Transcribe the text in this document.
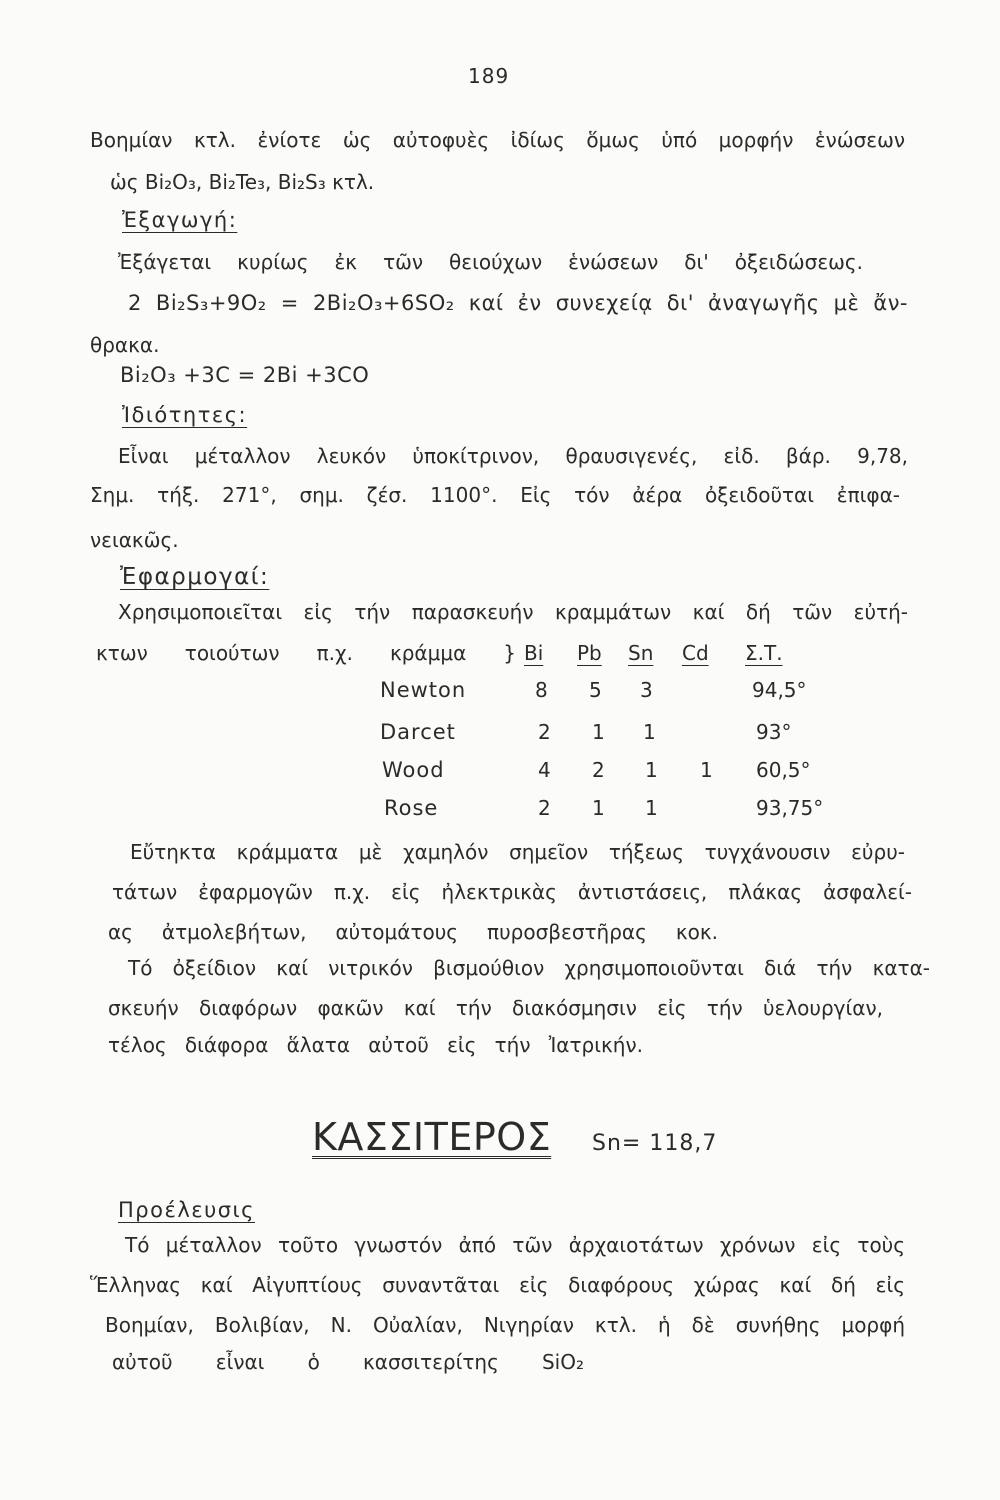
189
Βοημίαν κτλ. ἐνίοτε ὡς αὐτοφυὲς ἰδίως ὅμως ὑπό μορφήν ἑνώσεων
ὡς Bi₂O₃, Bi₂Te₃, Bi₂S₃ κτλ.
Ἐξαγωγή:
Ἐξάγεται κυρίως ἐκ τῶν θειούχων ἑνώσεων δι' ὀξειδώσεως.
2 Bi₂S₃+9O₂ = 2Bi₂O₃+6SO₂ καί ἐν συνεχείᾳ δι' ἀναγωγῆς μὲ ἄν-
θρακα.
Bi₂O₃ +3C = 2Bi +3CO
Ἰδιότητες:
Εἶναι μέταλλον λευκόν ὑποκίτρινον, θραυσιγενές, εἰδ. βάρ. 9,78,
Σημ. τήξ. 271°, σημ. ζέσ. 1100°. Εἰς τόν ἀέρα ὀξειδοῦται ἐπιφα-
νειακῶς.
Ἐφαρμογαί:
Χρησιμοποιεῖται εἰς τήν παρασκευήν κραμμάτων καί δή τῶν εὐτή-
κτων τοιούτων π.χ. κράμμα } Bi Pb Sn Cd Σ.Τ.
Newton	8 5 3	94,5°
Darcet	2 1 1	93°
Wood	4 2 1 1 60,5°
Rose	2 1 1	93,75°
Εὔτηκτα κράμματα μὲ χαμηλόν σημεῖον τήξεως τυγχάνουσιν εὐρυ-
τάτων ἐφαρμογῶν π.χ. εἰς ἠλεκτρικὰς ἀντιστάσεις, πλάκας ἀσφαλεί-
ας ἀτμολεβήτων, αὐτομάτους πυροσβεστῆρας κοκ.
Τό ὀξείδιον καί νιτρικόν βισμούθιον χρησιμοποιοῦνται διά τήν κατα-
σκευήν διαφόρων φακῶν καί τήν διακόσμησιν εἰς τήν ὑελουργίαν,
τέλος διάφορα ἅλατα αὐτοῦ εἰς τήν Ἰατρικήν.
ΚΑΣΣΙΤΕΡΟΣ Sn= 118,7
Προέλευσις
Τό μέταλλον τοῦτο γνωστόν ἀπό τῶν ἀρχαιοτάτων χρόνων εἰς τοὺς
Ἕλληνας καί Αἰγυπτίους συναντᾶται εἰς διαφόρους χώρας καί δή εἰς
Βοημίαν, Βολιβίαν, Ν. Οὐαλίαν, Νιγηρίαν κτλ. ἡ δὲ συνήθης μορφή
αὐτοῦ εἶναι ὁ κασσιτερίτης SiO₂
